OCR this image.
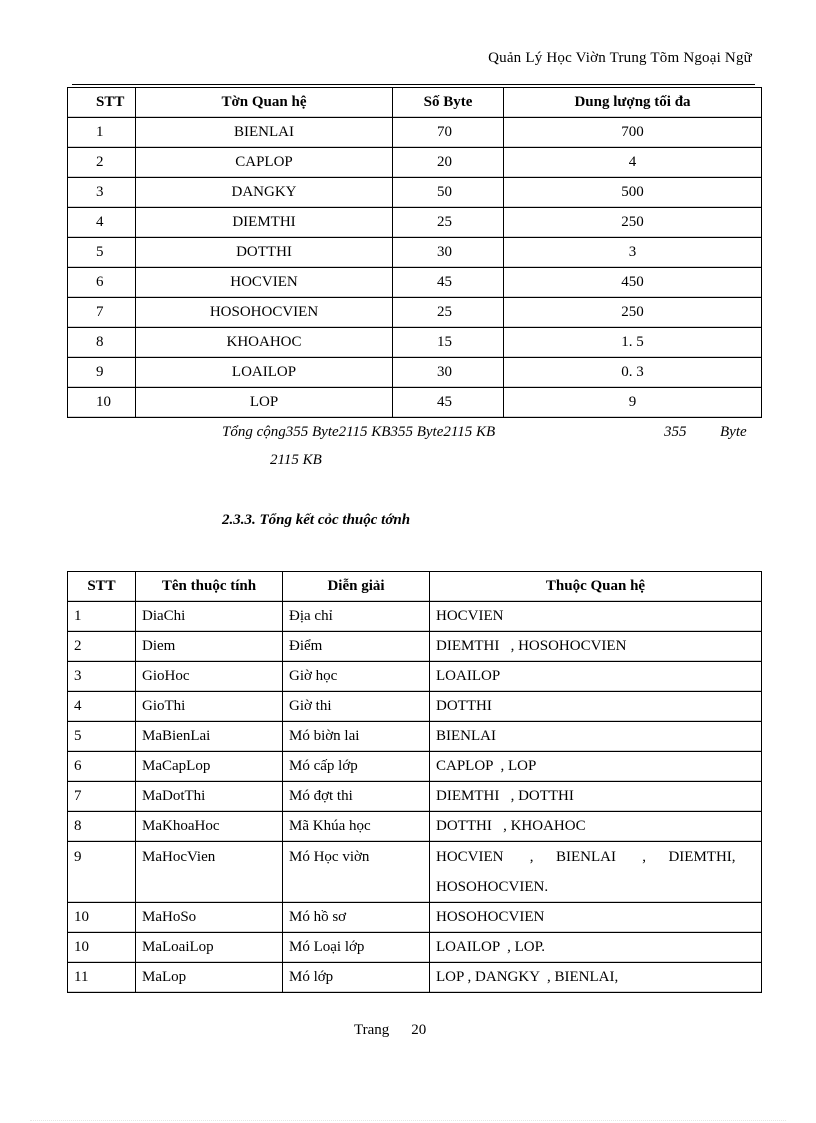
Quản Lý Học Viờn Trung Tõm Ngoại Ngữ
STT	Tờn Quan hệ	Số Byte	Dung lượng tối đa
1	BIENLAI	70	700
2	CAPLOP	20	4
3	DANGKY	50	500
4	DIEMTHI	25	250
5	DOTTHI	30	3
6	HOCVIEN	45	450
7	HOSOHOCVIEN	25	250
8	KHOAHOC	15	1. 5
9	LOAILOP	30	0. 3
10	LOP	45	9
Tổng cộng355 Byte2115 KB355 Byte2115 KB	355 Byte
2115 KB
2.3.3. Tổng kết cỏc thuộc tớnh
STT	Tên thuộc tính	Diễn giải	Thuộc Quan hệ
1	DiaChi	Địa chỉ	HOCVIEN
2	Diem	Điểm	DIEMTHI   , HOSOHOCVIEN
3	GioHoc	Giờ học	LOAILOP
4	GioThi	Giờ thi	DOTTHI
5	MaBienLai	Mó biờn lai	BIENLAI
6	MaCapLop	Mó cấp lớp	CAPLOP  , LOP
7	MaDotThi	Mó đợt thi	DIEMTHI   , DOTTHI
8	MaKhoaHoc	Mã Khúa học	DOTTHI   , KHOAHOC
9	MaHocVien	Mó Học viờn	HOCVIEN       ,      BIENLAI       ,      DIEMTHI,
HOSOHOCVIEN.

10	MaHoSo	Mó hồ sơ	HOSOHOCVIEN
10	MaLoaiLop	Mó Loại lớp	LOAILOP  , LOP.
11	MaLop	Mó lớp	LOP , DANGKY  , BIENLAI,
Trang 20
